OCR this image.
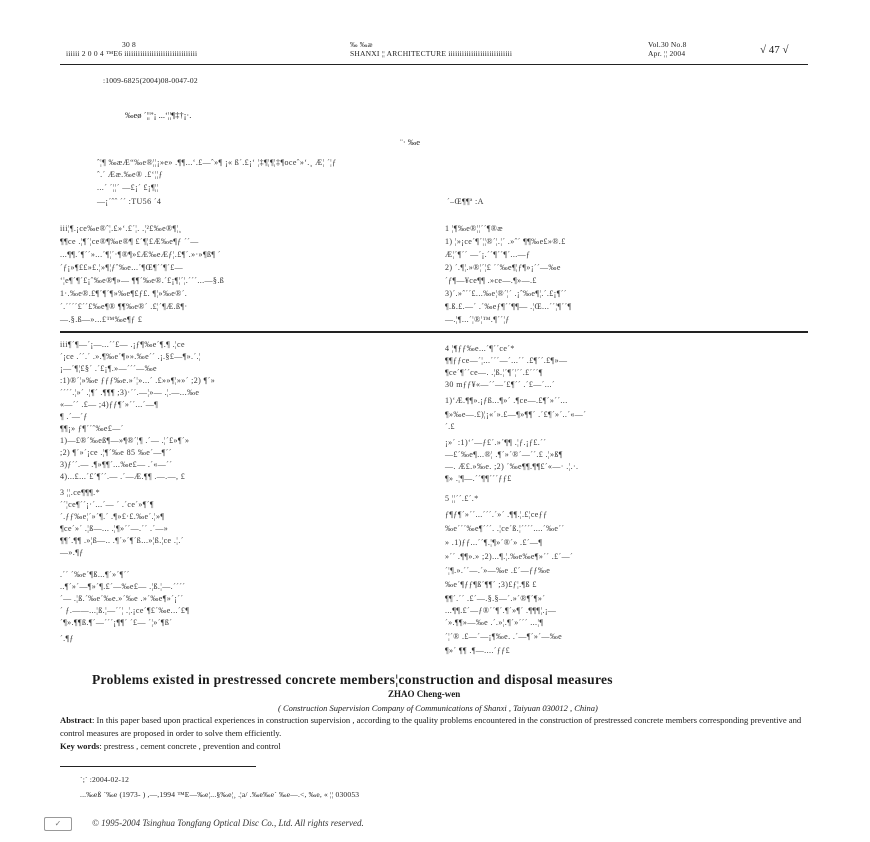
30 8
iiiiii 2 0 0 4 ™E6 iiiiiiiiiiiiiiiiiiiiiiiiiiiiiiii
‰ ‰æ
SHANXI ¦¦ ARCHITECTURE iiiiiiiiiiiiiiiiiiiiiiiiiiii
Vol.30 No.8
Apr. ¦¦ 2004	√ 47 √
:1009-6825(2004)08-0047-02
‰eø ´¦¦”¡ ...‘¦¦¶‡†¡·.
¨· ‰e
ˆ¦¶ ‰æÆ“‰e®¦¦¡»e» .¶¶...‘.£—ˆ»¶ ¡« ß´.£¡‘ ¦‡¶¦¶¦‡¶oceˆ»‘.¸ Æ¦ ´¦ƒ
ˆ.´ Ææ.‰e® .£‘¦¦ƒ
...´ ´¦¦´ —£¡´ £¡¶¦¦
—¡´ˆˆ ´´ :TU56 ´4	´–Œ¶¶ª :A
iii¦¶.¡ce‰e®ˆ¦.£»‘.£´¦. .¦²£‰e®¶¦¸
¶¶ce .¦¶´¦ce®¶‰e®¶ £´¶¦£Æ‰e¶ƒ ´´—
...¶¶.´¶´´»...´¶¦´·¶®¶»£Æ‰eÆƒ¦.£¶´.»·»¶ß¶ ´
´ƒ¡»¶££»£.¦»¶¦ƒˆ‰e...´¶Œ¶´´¶´£—
‘¦e¶´¶´£¡ˆ‰e®¶»— ¶¶´‰e®.´£¡¶¦´¦.´´´...—§.ß
1·.‰e®.£¶´¶´¶»‰e¶£ƒ£. ¶¦»‰e®´.
´.´´´´£´´£‰e¶® ¶¶‰e®´ .£¦´¶Æ.ß¶·
—.§.ß—»...£™‰e¶ƒ £
1 ¦¶‰e®¦¦´´¶®æ
1) ¦»¡ce´¶´¦¦®´¦.¦´ .»ˆ´ ¶¶‰e£»®.£
Æ¦´¶´´ —´¡.´´¶´´¶´...—ƒ
2) ´.¶¦.»®¦´¦£ ´´‰e¶¦ƒ¶»¡´´—‰e
´ƒ¶—¥ce¶¶ .»ce—.¶»—.£
3)´.»ˆ´´£...‰e¦®´¦´ .¡ˆ‰e¶¦.´.£¡¶´´
¶.ß.£.—´ .´‰eƒ¶´´¶¶— .¦Œ...´´¦¶´´¶
—.¦¶...´¦®¦™.¶´´¦ƒ
iii¶´¶—´¡—...´´£— .¡ƒ¶‰e´¶.¶ .¦ce
´¡ce .´´.´ .».¶‰e´¶»».‰e´´ .¡.§£—¶».´.¦
¡—´¶¦£§´ .´£¡¶.»—´´´—‰e
:1)®´¦»‰e ƒƒƒ‰e.»´¦»...´ .£»»¶¦»»´ ;2) ¶´»
´´´´.¦»´ .¦¶´ .¶¶¶ ;3)·´´.—¦»— .¦.—...‰e
«—´´ .£— ;4)ƒƒ¶´»´´...´—¶
¶ .´—´ƒ
¶¶¡» ƒ¶´´ˆ‰e£—´
1)—£®´‰eß¶—»¶®´¦¶ .´— .¦´£»¶´»
;2) ¶´»´¡ce .¦¶´‰e 85 ‰e´—¶´´
3)ƒ´´.— .¶»¶¶´...‰e£— .´«—´´
4)...£...´£´¶´´.— .´—Æ.¶¶ .—.—, £
3 ¦¦.ce¶¶¶.*
´´¦ce¶´´¡·´...´— ´ .´ce´»¶´¶
´.ƒƒ‰e¦´»´¶.´ .¶»£·£.‰e´.¦»¶
¶ce´»´ .¦ß—... .¦¶»´´—.´´ .´—»
¶¶´.¶¶ .»¦ß—.. .¶´»´¶´ß...»¦ß.¦ce .¦.´
—».¶ƒ
.´´ ´‰e´¶ß...¶´»´¶´´
..¶´»´—¶»´¶.£´—‰e£— .¦ß.¦—.´´´´
´— .¦ß.´‰e´‰e.»´‰e .»´‰e¶»´¡´´
´ ƒ.——...¦ß.¦—´´¦ .¦.¡ce´¶£´‰e...´£¶
´¶».¶¶ß.¶´—´´´¡¶¶´ ´£— ´¦»´¶ß´
´.¶ƒ
4 ¦¶ƒƒ‰e...´¶´´ce´*
¶¶ƒƒce—´¦...´´´—´...´´ .£¶´´.£¶»—
¶ce´¶´´ce—. .¦ß.¦´¶´¦´´.£´´´¶
30 mƒƒ¥«—´´—´£¶´´ .´£—´...´
1)‘Æ.¶¶».¡ƒß...¶»´ .¶ce—.£¶´»´´...
¶»‰e—.£)¦¡«´».£—¶»¶¶´ .´£¶´»´..´«—´
´.£
¡»´ :1)‘´—ƒ£´.»´¶¶ .¦ƒ.¡ƒ£.´´
—£´‰e¶...®¦ .¶´»´®´—´´.£ .¦»ß¶
—. Æ£.»‰e. ;2) ´‰e¶¶.¶¶£´«—· .¦.·.
¶» .¦¶—.´´¶¶´´´ƒƒ£
5 ¦¦´´.£´.*
ƒ¶ƒ¶´»´´...´´´.´»´ .¶¶.¦.£¦ceƒƒ
‰e´´´‰e¶´´´. .¦ce´ß.¦´´´´....´‰e´´
» .1)ƒƒ...´´¶.¦¶»´®´» .£´—¶
»´´ .¶¶».» ;2)...¶.¦.‰e‰e¶»´´ .£´—´
´¦¶.».´´—.´»—‰e .£´—ƒƒ‰e
‰e´¶ƒƒ¶ß´¶¶´ ;3)£ƒ¦.¶ß £
¶¶´.´´ .£´—.§.§—´.»´®¶´¶»´
...¶¶.£´—ƒ®´´¶´.¶´»¶´ .¶¶¶¦.¡—
´».¶¶»—‰e .´.»¦.¶´»´´´ ...¦¶
´¦´® .£—´—¡¶‰e. .´—¶´»´—‰e
¶»´ ¶¶ .¶—....´ƒƒ£
Problems existed in prestressed concrete members¦construction and disposal measures
ZHAO Cheng-wen
( Construction Supervision Company of Communications of Shanxi , Taiyuan 030012 , China)
Abstract: In this paper based upon practical experiences in construction supervision , according to the quality problems encountered in the construction of prestressed concrete members corresponding preventive and control measures are proposed in order to solve them efficiently.
Key words: prestress , cement concrete , prevention and control
´;´ :2004-02-12
...‰eß ´‰e (1973- ) ,—,1994 ™E—‰e¦...§‰e¦¸ .¦a/ .‰e‰e´ ‰e—.<, ‰e, « ¦¦ 030053
✓	© 1995-2004 Tsinghua Tongfang Optical Disc Co., Ltd. All rights reserved.
